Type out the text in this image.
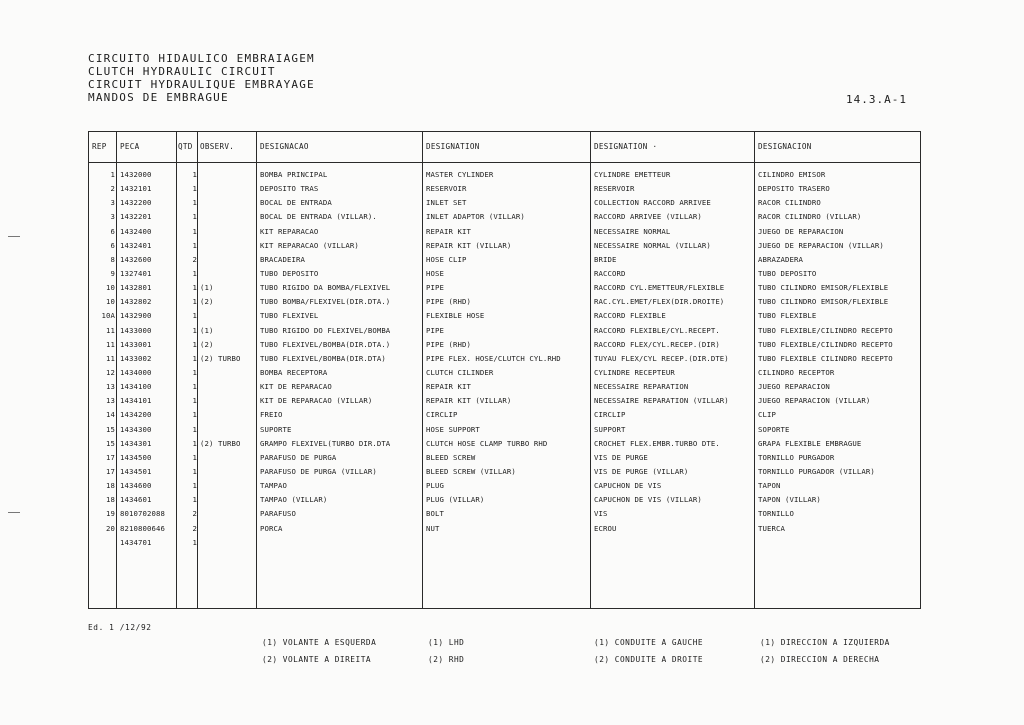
CIRCUITO HIDAULICO EMBRAIAGEM
CLUTCH HYDRAULIC CIRCUIT
CIRCUIT HYDRAULIQUE EMBRAYAGE
MANDOS DE EMBRAGUE	14.3.A-1
REP PECA	QTD OBSERV.	DESIGNACAO	DESIGNATION	DESIGNATION ·	DESIGNACION
1 1432000	1	BOMBA PRINCIPAL	MASTER CYLINDER	CYLINDRE EMETTEUR	CILINDRO EMISOR
2 1432101	1	DEPOSITO TRAS	RESERVOIR	RESERVOIR	DEPOSITO TRASERO
3 1432200	1	BOCAL DE ENTRADA	INLET SET	COLLECTION RACCORD ARRIVEE	RACOR CILINDRO
3 1432201	1	BOCAL DE ENTRADA (VILLAR).	INLET ADAPTOR (VILLAR)	RACCORD ARRIVEE (VILLAR)	RACOR CILINDRO (VILLAR)
6 1432400	1	KIT REPARACAO	REPAIR KIT	NECESSAIRE NORMAL	JUEGO DE REPARACION
6 1432401	1	KIT REPARACAO (VILLAR)	REPAIR KIT (VILLAR)	NECESSAIRE NORMAL (VILLAR)	JUEGO DE REPARACION (VILLAR)
8 1432600	2	BRACADEIRA	HOSE CLIP	BRIDE	ABRAZADERA
9 1327401	1	TUBO DEPOSITO	HOSE	RACCORD	TUBO DEPOSITO
10 1432801	1 (1)	TUBO RIGIDO DA BOMBA/FLEXIVEL	PIPE	RACCORD CYL.EMETTEUR/FLEXIBLE	TUBO CILINDRO EMISOR/FLEXIBLE
10 1432802	1 (2)	TUBO BOMBA/FLEXIVEL(DIR.DTA.)	PIPE (RHD)	RAC.CYL.EMET/FLEX(DIR.DROITE)	TUBO CILINDRO EMISOR/FLEXIBLE
10A 1432900	1	TUBO FLEXIVEL	FLEXIBLE HOSE	RACCORD FLEXIBLE	TUBO FLEXIBLE
11 1433000	1 (1)	TUBO RIGIDO DO FLEXIVEL/BOMBA	PIPE	RACCORD FLEXIBLE/CYL.RECEPT.	TUBO FLEXIBLE/CILINDRO RECEPTO
11 1433001	1 (2)	TUBO FLEXIVEL/BOMBA(DIR.DTA.)	PIPE (RHD)	RACCORD FLEX/CYL.RECEP.(DIR)	TUBO FLEXIBLE/CILINDRO RECEPTO
11 1433002	1 (2) TURBO	TUBO FLEXIVEL/BOMBA(DIR.DTA)	PIPE FLEX. HOSE/CLUTCH CYL.RHD	TUYAU FLEX/CYL RECEP.(DIR.DTE)	TUBO FLEXIBLE CILINDRO RECEPTO
12 1434000	1	BOMBA RECEPTORA	CLUTCH CILINDER	CYLINDRE RECEPTEUR	CILINDRO RECEPTOR
13 1434100	1	KIT DE REPARACAO	REPAIR KIT	NECESSAIRE REPARATION	JUEGO REPARACION
13 1434101	1	KIT DE REPARACAO (VILLAR)	REPAIR KIT (VILLAR)	NECESSAIRE REPARATION (VILLAR)	JUEGO REPARACION (VILLAR)
14 1434200	1	FREIO	CIRCLIP	CIRCLIP	CLIP
15 1434300	1	SUPORTE	HOSE SUPPORT	SUPPORT	SOPORTE
15 1434301	1 (2) TURBO	GRAMPO FLEXIVEL(TURBO DIR.DTA	CLUTCH HOSE CLAMP TURBO RHD	CROCHET FLEX.EMBR.TURBO DTE.	GRAPA FLEXIBLE EMBRAGUE
17 1434500	1	PARAFUSO DE PURGA	BLEED SCREW	VIS DE PURGE	TORNILLO PURGADOR
17 1434501	1	PARAFUSO DE PURGA (VILLAR)	BLEED SCREW (VILLAR)	VIS DE PURGE (VILLAR)	TORNILLO PURGADOR (VILLAR)
18 1434600	1	TAMPAO	PLUG	CAPUCHON DE VIS	TAPON
18 1434601	1	TAMPAO (VILLAR)	PLUG (VILLAR)	CAPUCHON DE VIS (VILLAR)	TAPON (VILLAR)
19 8010702088	2	PARAFUSO	BOLT	VIS	TORNILLO
20 8210800646	2	PORCA	NUT	ECROU	TUERCA
1434701	1
Ed. 1 /12/92
(1) VOLANTE A ESQUERDA
(2) VOLANTE A DIREITA
(1) LHD
(2) RHD
(1) CONDUITE A GAUCHE
(2) CONDUITE A DROITE
(1) DIRECCION A IZQUIERDA
(2) DIRECCION A DERECHA
